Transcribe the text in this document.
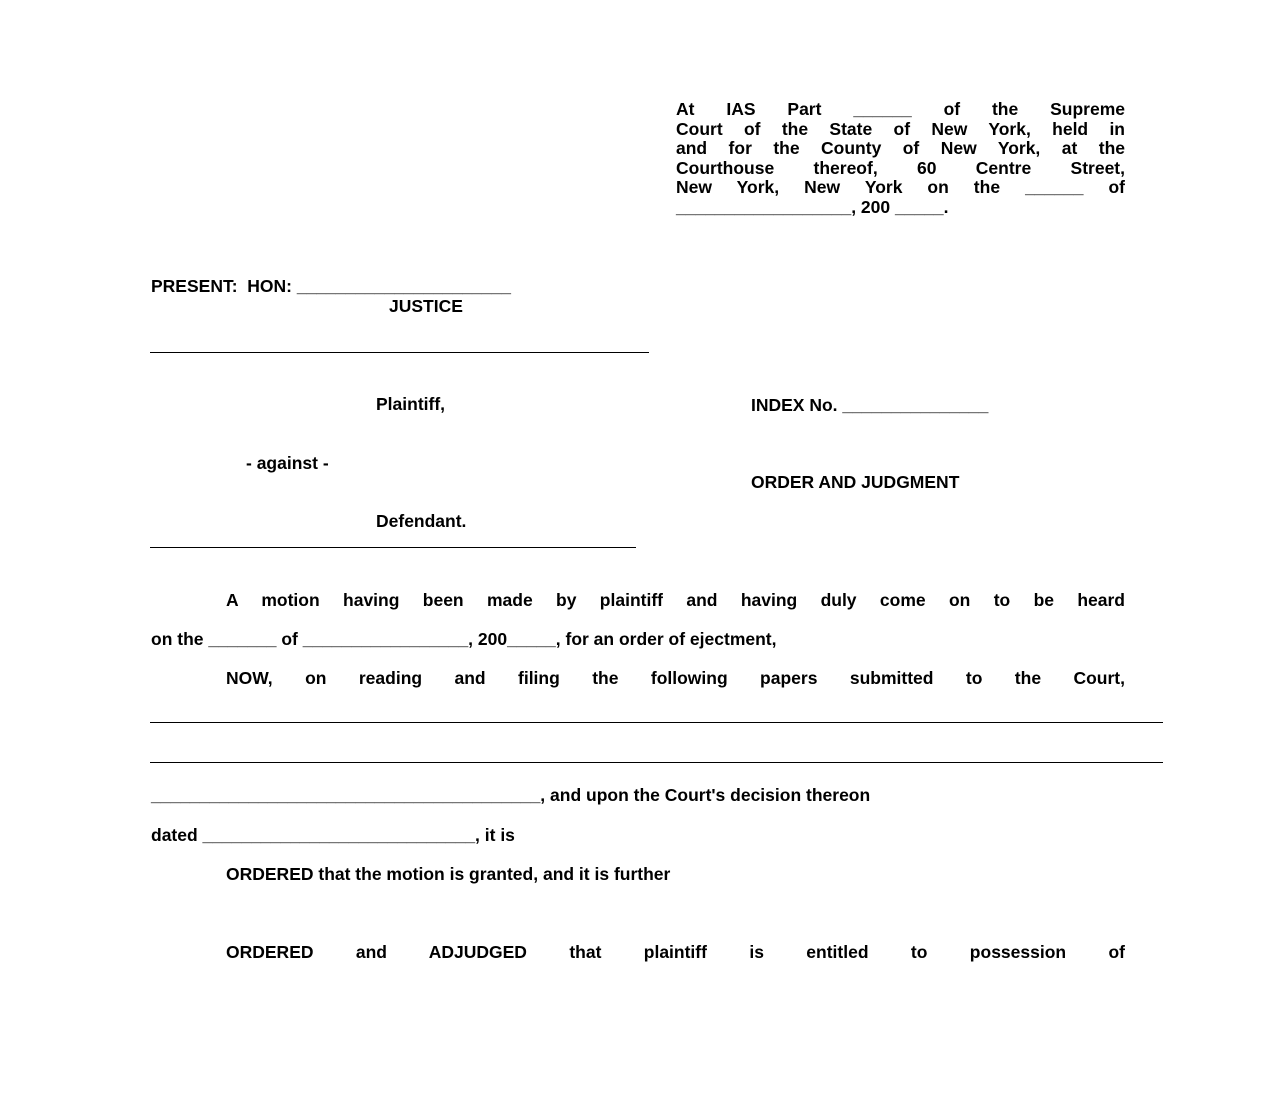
At IAS Part ______ of the Supreme
Court of the State of New York, held in
and for the County of New York, at the
Courthouse thereof, 60 Centre Street,
New York, New York on the ______ of
__________________, 200 _____.
PRESENT:  HON: ______________________
JUSTICE
Plaintiff,
- against -
Defendant.
INDEX No. _______________
ORDER AND JUDGMENT
A motion having been made by plaintiff and having duly come on to be heard
on the _______ of _________________, 200_____, for an order of ejectment,
NOW, on reading and filing the following papers submitted to the Court,
________________________________________, and upon the Court's decision thereon
dated ____________________________, it is
ORDERED that the motion is granted, and it is further
ORDERED and ADJUDGED that plaintiff is entitled to possession of
